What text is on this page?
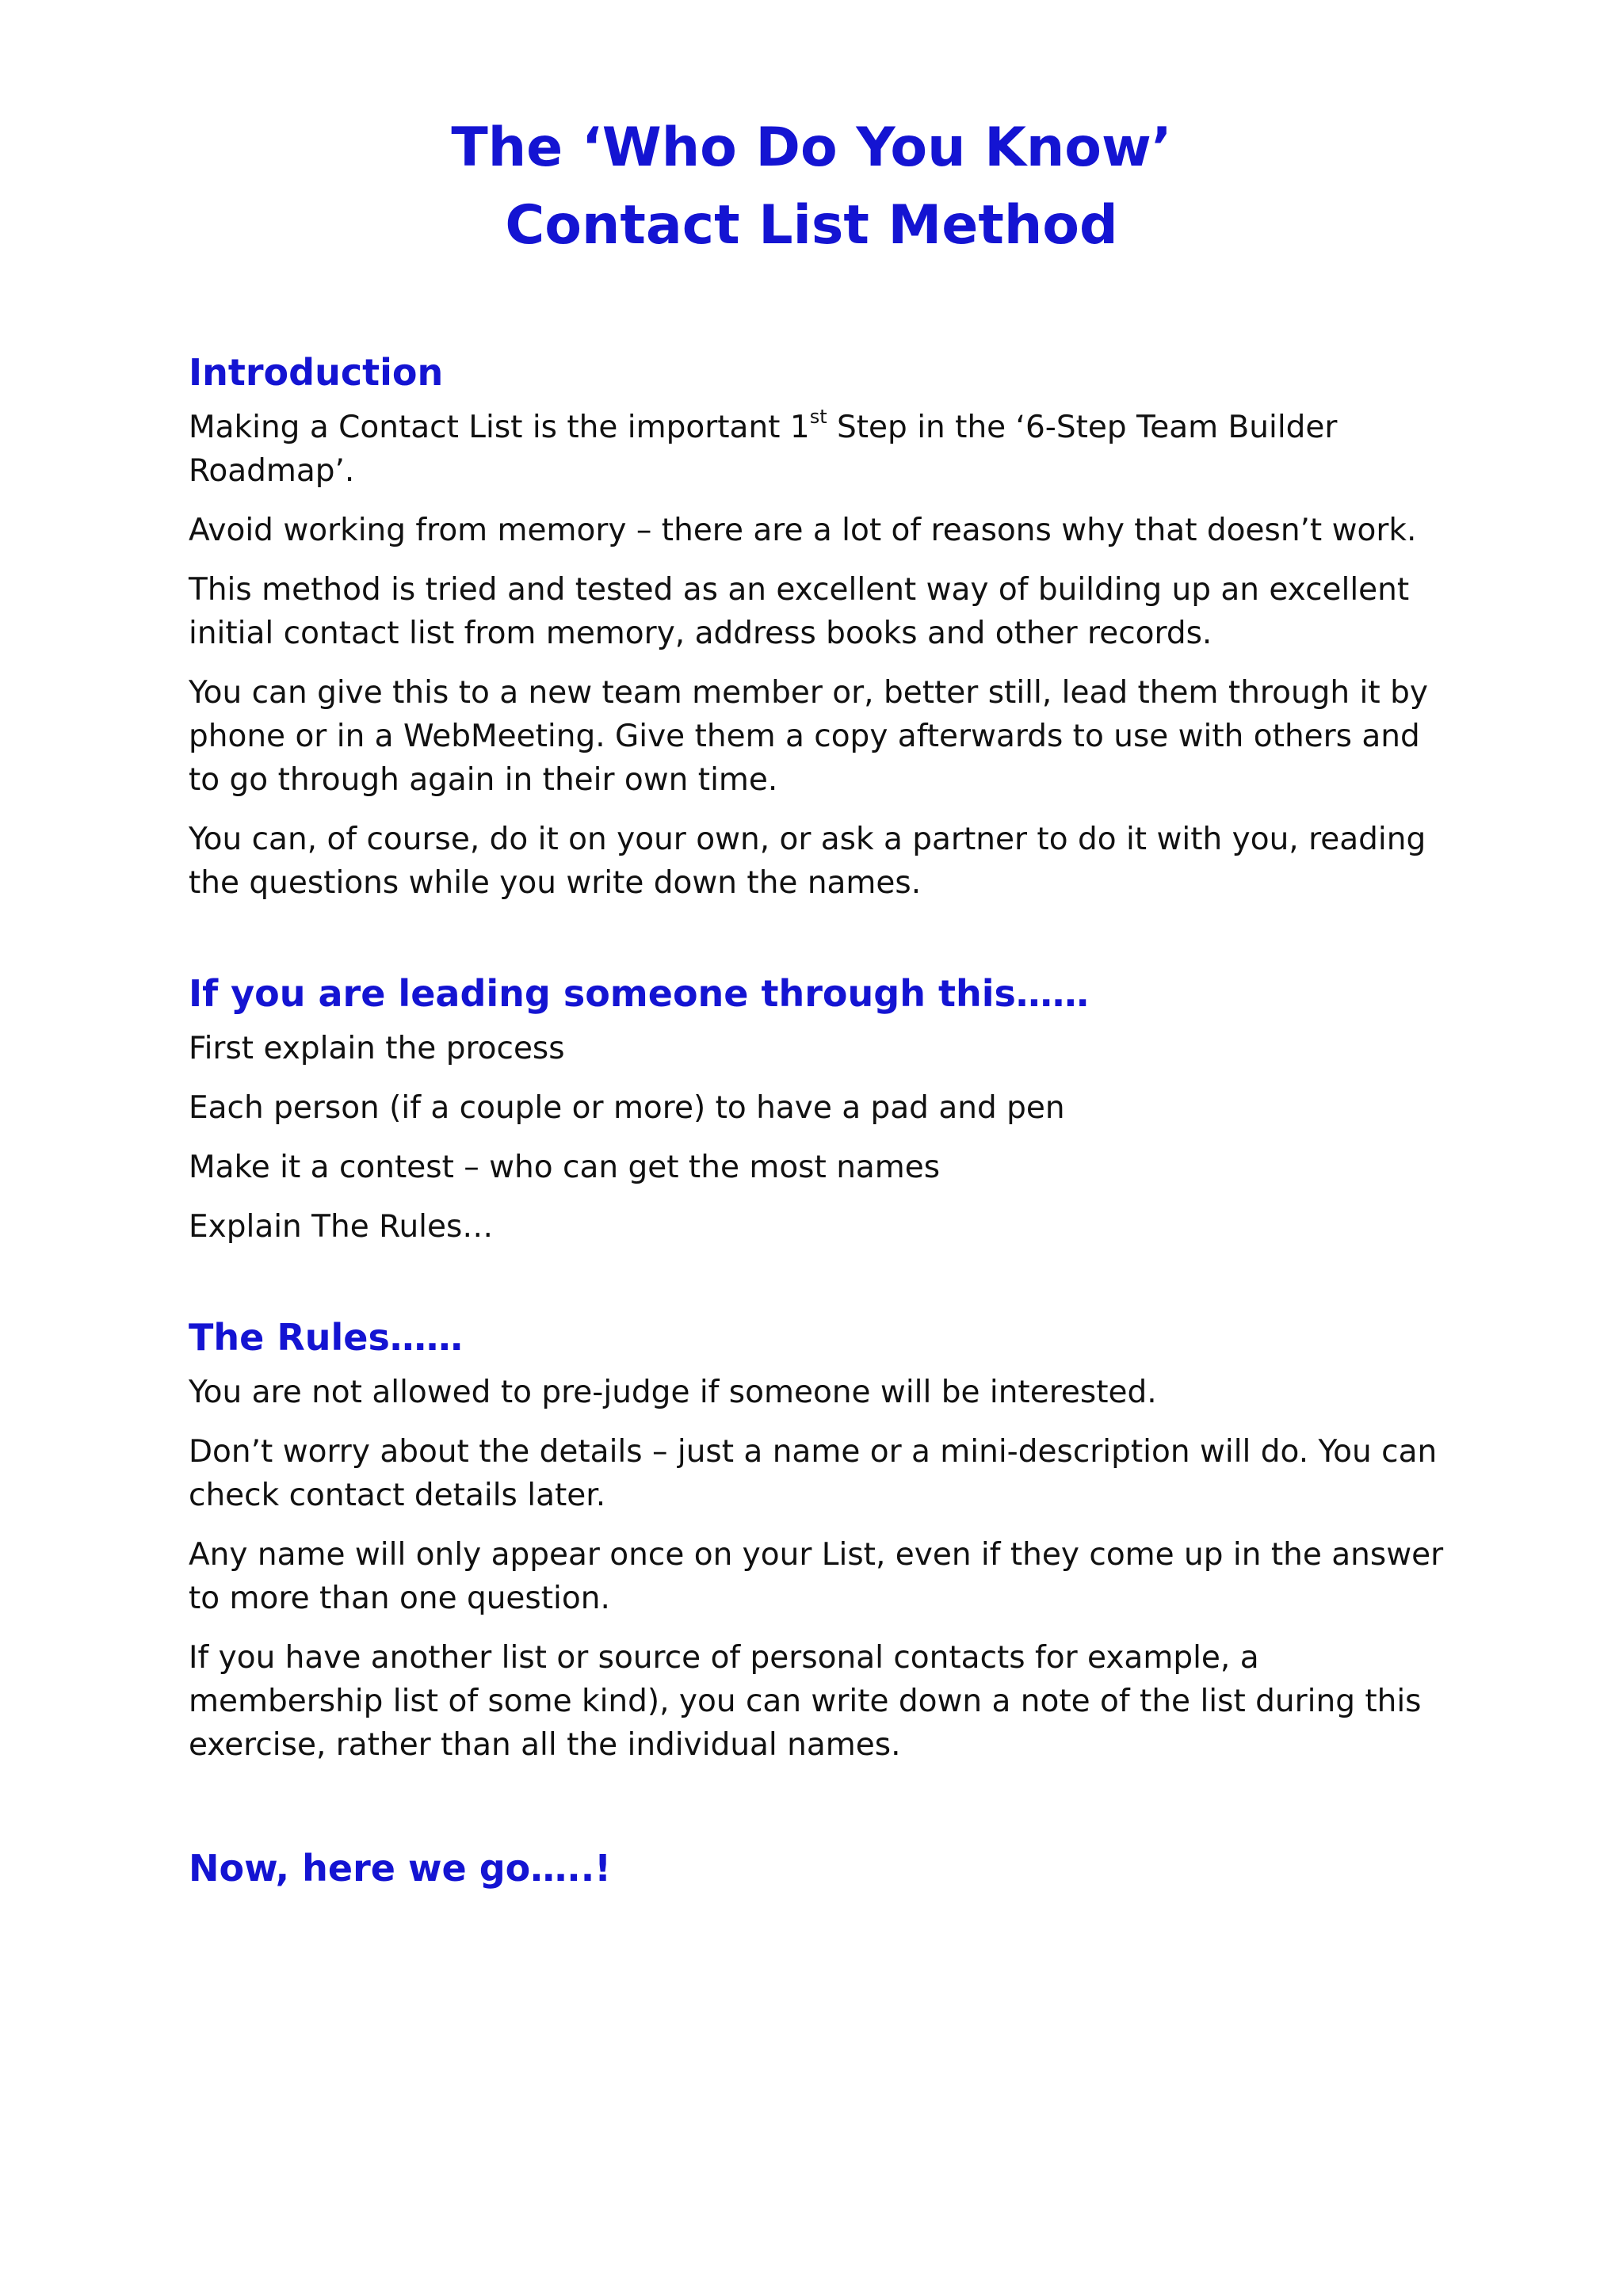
The ‘Who Do You Know’
Contact List Method
Introduction

Making a Contact List is the important 1st Step in the ‘6-Step Team Builder Roadmap’.

Avoid working from memory – there are a lot of reasons why that doesn’t work.

This method is tried and tested as an excellent way of building up an excellent initial contact list from memory, address books and other records.

You can give this to a new team member or, better still, lead them through it by phone or in a WebMeeting. Give them a copy afterwards to use with others and to go through again in their own time.

You can, of course, do it on your own, or ask a partner to do it with you, reading the questions while you write down the names.

If you are leading someone through this……

First explain the process

Each person (if a couple or more) to have a pad and pen

Make it a contest – who can get the most names

Explain The Rules…

The Rules……

You are not allowed to pre-judge if someone will be interested.

Don’t worry about the details – just a name or a mini-description will do. You can check contact details later.

Any name will only appear once on your List, even if they come up in the answer to more than one question.

If you have another list or source of personal contacts for example, a membership list of some kind), you can write down a note of the list during this exercise, rather than all the individual names.

Now, here we go…..!
